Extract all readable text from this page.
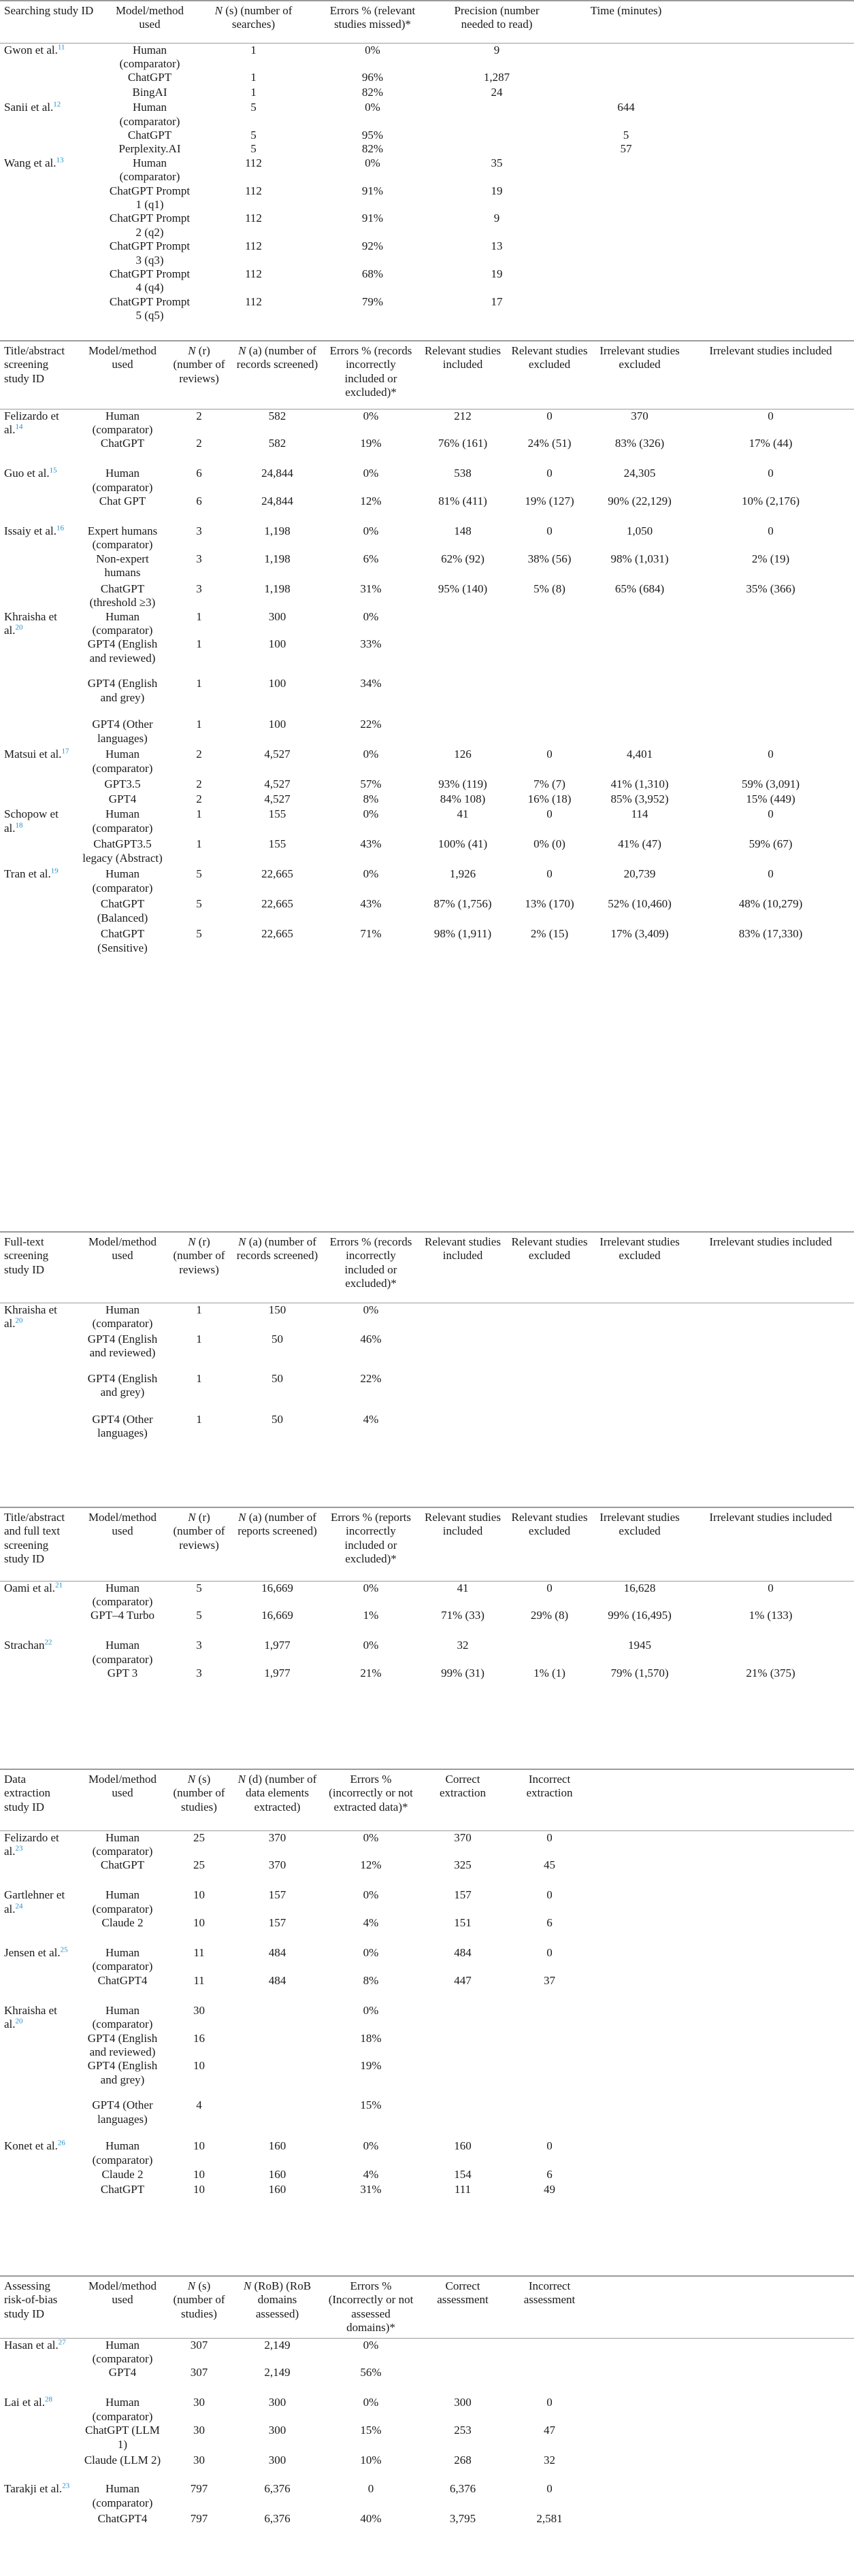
Searching study ID	Model/method used	N (s) (number of searches)	Errors % (relevant studies missed)*	Precision (number needed to read)	Time (minutes)	
Gwon et al.$^{11}$	Human (comparator)	1	0%	9		
	ChatGPT	1	96%	1,287		
	BingAI	1	82%	24		
Sanii et al.$^{12}$	Human (comparator)	5	0%		644	
	ChatGPT	5	95%		5	
	Perplexity.AI	5	82%		57	
Wang et al.$^{13}$	Human (comparator)	112	0%	35		
	ChatGPT Prompt 1 (q1)	112	91%	19		
	ChatGPT Prompt 2 (q2)	112	91%	9		
	ChatGPT Prompt 3 (q3)	112	92%	13		
	ChatGPT Prompt 4 (q4)	112	68%	19		
	ChatGPT Prompt 5 (q5)	112	79%	17		
Title/abstract screening study ID	Model/method used	N (r) (number of reviews)	N (a) (number of records screened)	Errors % (records incorrectly included or excluded)*	Relevant studies included	Relevant studies excluded	Irrelevant studies excluded	Irrelevant studies included
Felizardo et al.$^{14}$	Human (comparator)	2	582	0%	212	0	370	0
	ChatGPT	2	582	19%	76% (161)	24% (51)	83% (326)	17% (44)
Guo et al.$^{15}$	Human (comparator)	6	24,844	0%	538	0	24,305	0
	Chat GPT	6	24,844	12%	81% (411)	19% (127)	90% (22,129)	10% (2,176)
Issaiy et al.$^{16}$	Expert humans (comparator)	3	1,198	0%	148	0	1,050	0
	Non-expert humans	3	1,198	6%	62% (92)	38% (56)	98% (1,031)	2% (19)
	ChatGPT (threshold ≥3)	3	1,198	31%	95% (140)	5% (8)	65% (684)	35% (366)
Khraisha et al.$^{20}$	Human (comparator)	1	300	0%				
	GPT4 (English and reviewed)	1	100	33%				
	GPT4 (English and grey)	1	100	34%				
	GPT4 (Other languages)	1	100	22%				
Matsui et al.$^{17}$	Human (comparator)	2	4,527	0%	126	0	4,401	0
	GPT3.5	2	4,527	57%	93% (119)	7% (7)	41% (1,310)	59% (3,091)
	GPT4	2	4,527	8%	84% 108)	16% (18)	85% (3,952)	15% (449)
Schopow et al.$^{18}$	Human (comparator)	1	155	0%	41	0	114	0
	ChatGPT3.5 legacy (Abstract)	1	155	43%	100% (41)	0% (0)	41% (47)	59% (67)
Tran et al.$^{19}$	Human (comparator)	5	22,665	0%	1,926	0	20,739	0
	ChatGPT (Balanced)	5	22,665	43%	87% (1,756)	13% (170)	52% (10,460)	48% (10,279)
	ChatGPT (Sensitive)	5	22,665	71%	98% (1,911)	2% (15)	17% (3,409)	83% (17,330)
Full-text screening study ID	Model/method used	N (r) (number of reviews)	N (a) (number of records screened)	Errors % (records incorrectly included or excluded)*	Relevant studies included	Relevant studies excluded	Irrelevant studies excluded	Irrelevant studies included
Khraisha et al.$^{20}$	Human (comparator)	1	150	0%				
	GPT4 (English and reviewed)	1	50	46%				
	GPT4 (English and grey)	1	50	22%				
	GPT4 (Other languages)	1	50	4%				
Title/abstract and full text screening study ID	Model/method used	N (r) (number of reviews)	N (a) (number of reports screened)	Errors % (reports incorrectly included or excluded)*	Relevant studies included	Relevant studies excluded	Irrelevant studies excluded	Irrelevant studies included
Oami et al.$^{21}$	Human (comparator)	5	16,669	0%	41	0	16,628	0
	GPT–4 Turbo	5	16,669	1%	71% (33)	29% (8)	99% (16,495)	1% (133)
Strachan$^{22}$	Human (comparator)	3	1,977	0%	32		1945	
	GPT 3	3	1,977	21%	99% (31)	1% (1)	79% (1,570)	21% (375)
Data extraction study ID	Model/method used	N (s) (number of studies)	N (d) (number of data elements extracted)	Errors % (incorrectly or not extracted data)*	Correct extraction	Incorrect extraction	
Felizardo et al.$^{23}$	Human (comparator)	25	370	0%	370	0	
	ChatGPT	25	370	12%	325	45	
Gartlehner et al.$^{24}$	Human (comparator)	10	157	0%	157	0	
	Claude 2	10	157	4%	151	6	
Jensen et al.$^{25}$	Human (comparator)	11	484	0%	484	0	
	ChatGPT4	11	484	8%	447	37	
Khraisha et al.$^{20}$	Human (comparator)	30		0%			
	GPT4 (English and reviewed)	16		18%			
	GPT4 (English and grey)	10		19%			
	GPT4 (Other languages)	4		15%			
Konet et al.$^{26}$	Human (comparator)	10	160	0%	160	0	
	Claude 2	10	160	4%	154	6	
	ChatGPT	10	160	31%	111	49	
Assessing risk-of-bias study ID	Model/method used	N (s) (number of studies)	N (RoB) (RoB domains assessed)	Errors % (Incorrectly or not assessed domains)*	Correct assessment	Incorrect assessment	
Hasan et al.$^{27}$	Human (comparator)	307	2,149	0%			
	GPT4	307	2,149	56%			
Lai et al.$^{28}$	Human (comparator)	30	300	0%	300	0	
	ChatGPT (LLM 1)	30	300	15%	253	47	
	Claude (LLM 2)	30	300	10%	268	32	
Tarakji et al.$^{23}$	Human (comparator)	797	6,376	0	6,376	0	
	ChatGPT4	797	6,376	40%	3,795	2,581	
